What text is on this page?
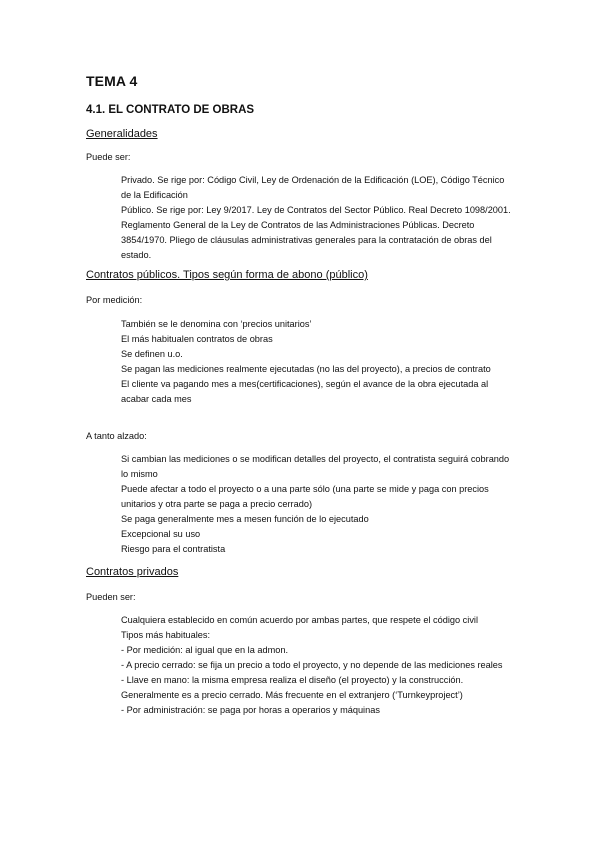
TEMA 4
4.1. EL CONTRATO DE OBRAS
Generalidades
Puede ser:
Privado. Se rige por: Código Civil, Ley de Ordenación de la Edificación (LOE), Código Técnico de la Edificación
Público. Se rige por: Ley 9/2017. Ley de Contratos del Sector Público. Real Decreto 1098/2001. Reglamento General de la Ley de Contratos de las Administraciones Públicas. Decreto 3854/1970. Pliego de cláusulas administrativas generales para la contratación de obras del estado.
Contratos públicos. Tipos según forma de abono (público)
Por medición:
También se le denomina con ‘precios unitarios’
El más habitualen contratos de obras
Se definen u.o.
Se pagan las mediciones realmente ejecutadas (no las del proyecto), a precios de contrato
El cliente va pagando mes a mes(certificaciones), según el avance de la obra ejecutada al acabar cada mes
A tanto alzado:
Si cambian las mediciones o se modifican detalles del proyecto, el contratista seguirá cobrando lo mismo
Puede afectar a todo el proyecto o a una parte sólo (una parte se mide y paga con precios unitarios y otra parte se paga a precio cerrado)
Se paga generalmente mes a mesen función de lo ejecutado
Excepcional su uso
Riesgo para el contratista
Contratos privados
Pueden ser:
Cualquiera establecido en común acuerdo por ambas partes, que respete el código civil
Tipos más habituales:
- Por medición: al igual que en la admon.
- A precio cerrado: se fija un precio a todo el proyecto, y no depende de las mediciones reales
- Llave en mano: la misma empresa realiza el diseño (el proyecto) y la construcción. Generalmente es a precio cerrado. Más frecuente en el extranjero (‘Turnkeyproject’)
- Por administración: se paga por horas a operarios y máquinas
